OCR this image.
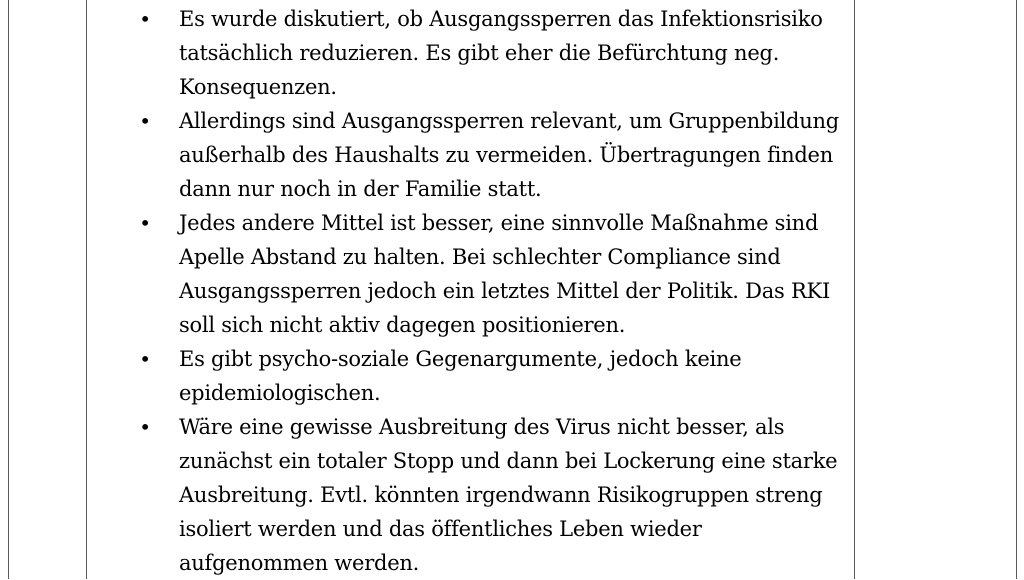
• Es wurde diskutiert, ob Ausgangssperren das Infektionsrisiko tatsächlich reduzieren. Es gibt eher die Befürchtung neg. Konsequenzen.
• Allerdings sind Ausgangssperren relevant, um Gruppenbildung außerhalb des Haushalts zu vermeiden. Übertragungen finden dann nur noch in der Familie statt.
• Jedes andere Mittel ist besser, eine sinnvolle Maßnahme sind Apelle Abstand zu halten. Bei schlechter Compliance sind Ausgangssperren jedoch ein letztes Mittel der Politik. Das RKI soll sich nicht aktiv dagegen positionieren.
• Es gibt psycho-soziale Gegenargumente, jedoch keine epidemiologischen.
• Wäre eine gewisse Ausbreitung des Virus nicht besser, als zunächst ein totaler Stopp und dann bei Lockerung eine starke Ausbreitung. Evtl. könnten irgendwann Risikogruppen streng isoliert werden und das öffentliches Leben wieder aufgenommen werden.
